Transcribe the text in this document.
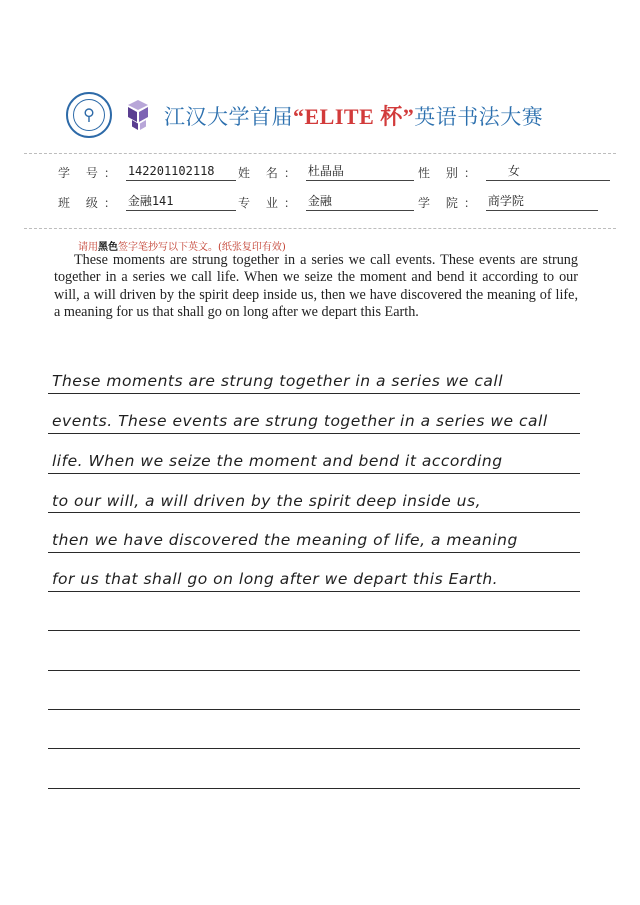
⚲	江汉大学首届“ELITE 杯”英语书法大赛
学 号： 142201102118	姓 名： 杜晶晶	性 别：	女
班 级： 金融141	专 业： 金融	学 院： 商学院
请用黑色签字笔抄写以下英文。(纸张复印有效)
These moments are strung together in a series we call events. These events are strung together in a series we call life. When we seize the moment and bend it according to our will, a will driven by the spirit deep inside us, then we have discovered the meaning of life, a meaning for us that shall go on long after we depart this Earth.
These moments are strung together in a series we call
events. These events are strung together in a series we call
life. When we seize the moment and bend it according
to our will, a will driven by the spirit deep inside us,
then we have discovered the meaning of life, a meaning
for us that shall go on long after we depart this Earth.
